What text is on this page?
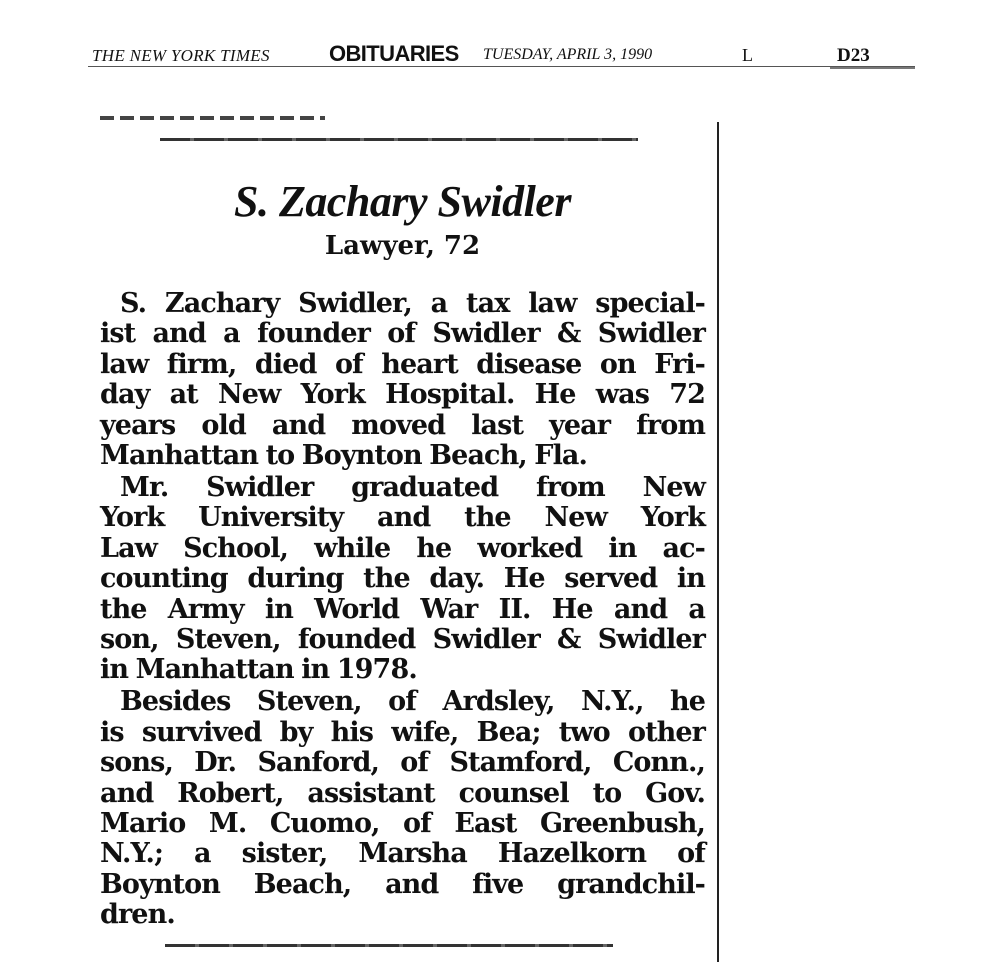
THE NEW YORK TIMES	OBITUARIES TUESDAY, APRIL 3, 1990	L	D23
S. Zachary Swidler
Lawyer, 72
S. Zachary Swidler, a tax law special-
ist and a founder of Swidler & Swidler
law firm, died of heart disease on Fri-
day at New York Hospital. He was 72
years old and moved last year from
Manhattan to Boynton Beach, Fla.
Mr. Swidler graduated from New
York University and the New York
Law School, while he worked in ac-
counting during the day. He served in
the Army in World War II. He and a
son, Steven, founded Swidler & Swidler
in Manhattan in 1978.
Besides Steven, of Ardsley, N.Y., he
is survived by his wife, Bea; two other
sons, Dr. Sanford, of Stamford, Conn.,
and Robert, assistant counsel to Gov.
Mario M. Cuomo, of East Greenbush,
N.Y.; a sister, Marsha Hazelkorn of
Boynton Beach, and five grandchil-
dren.
